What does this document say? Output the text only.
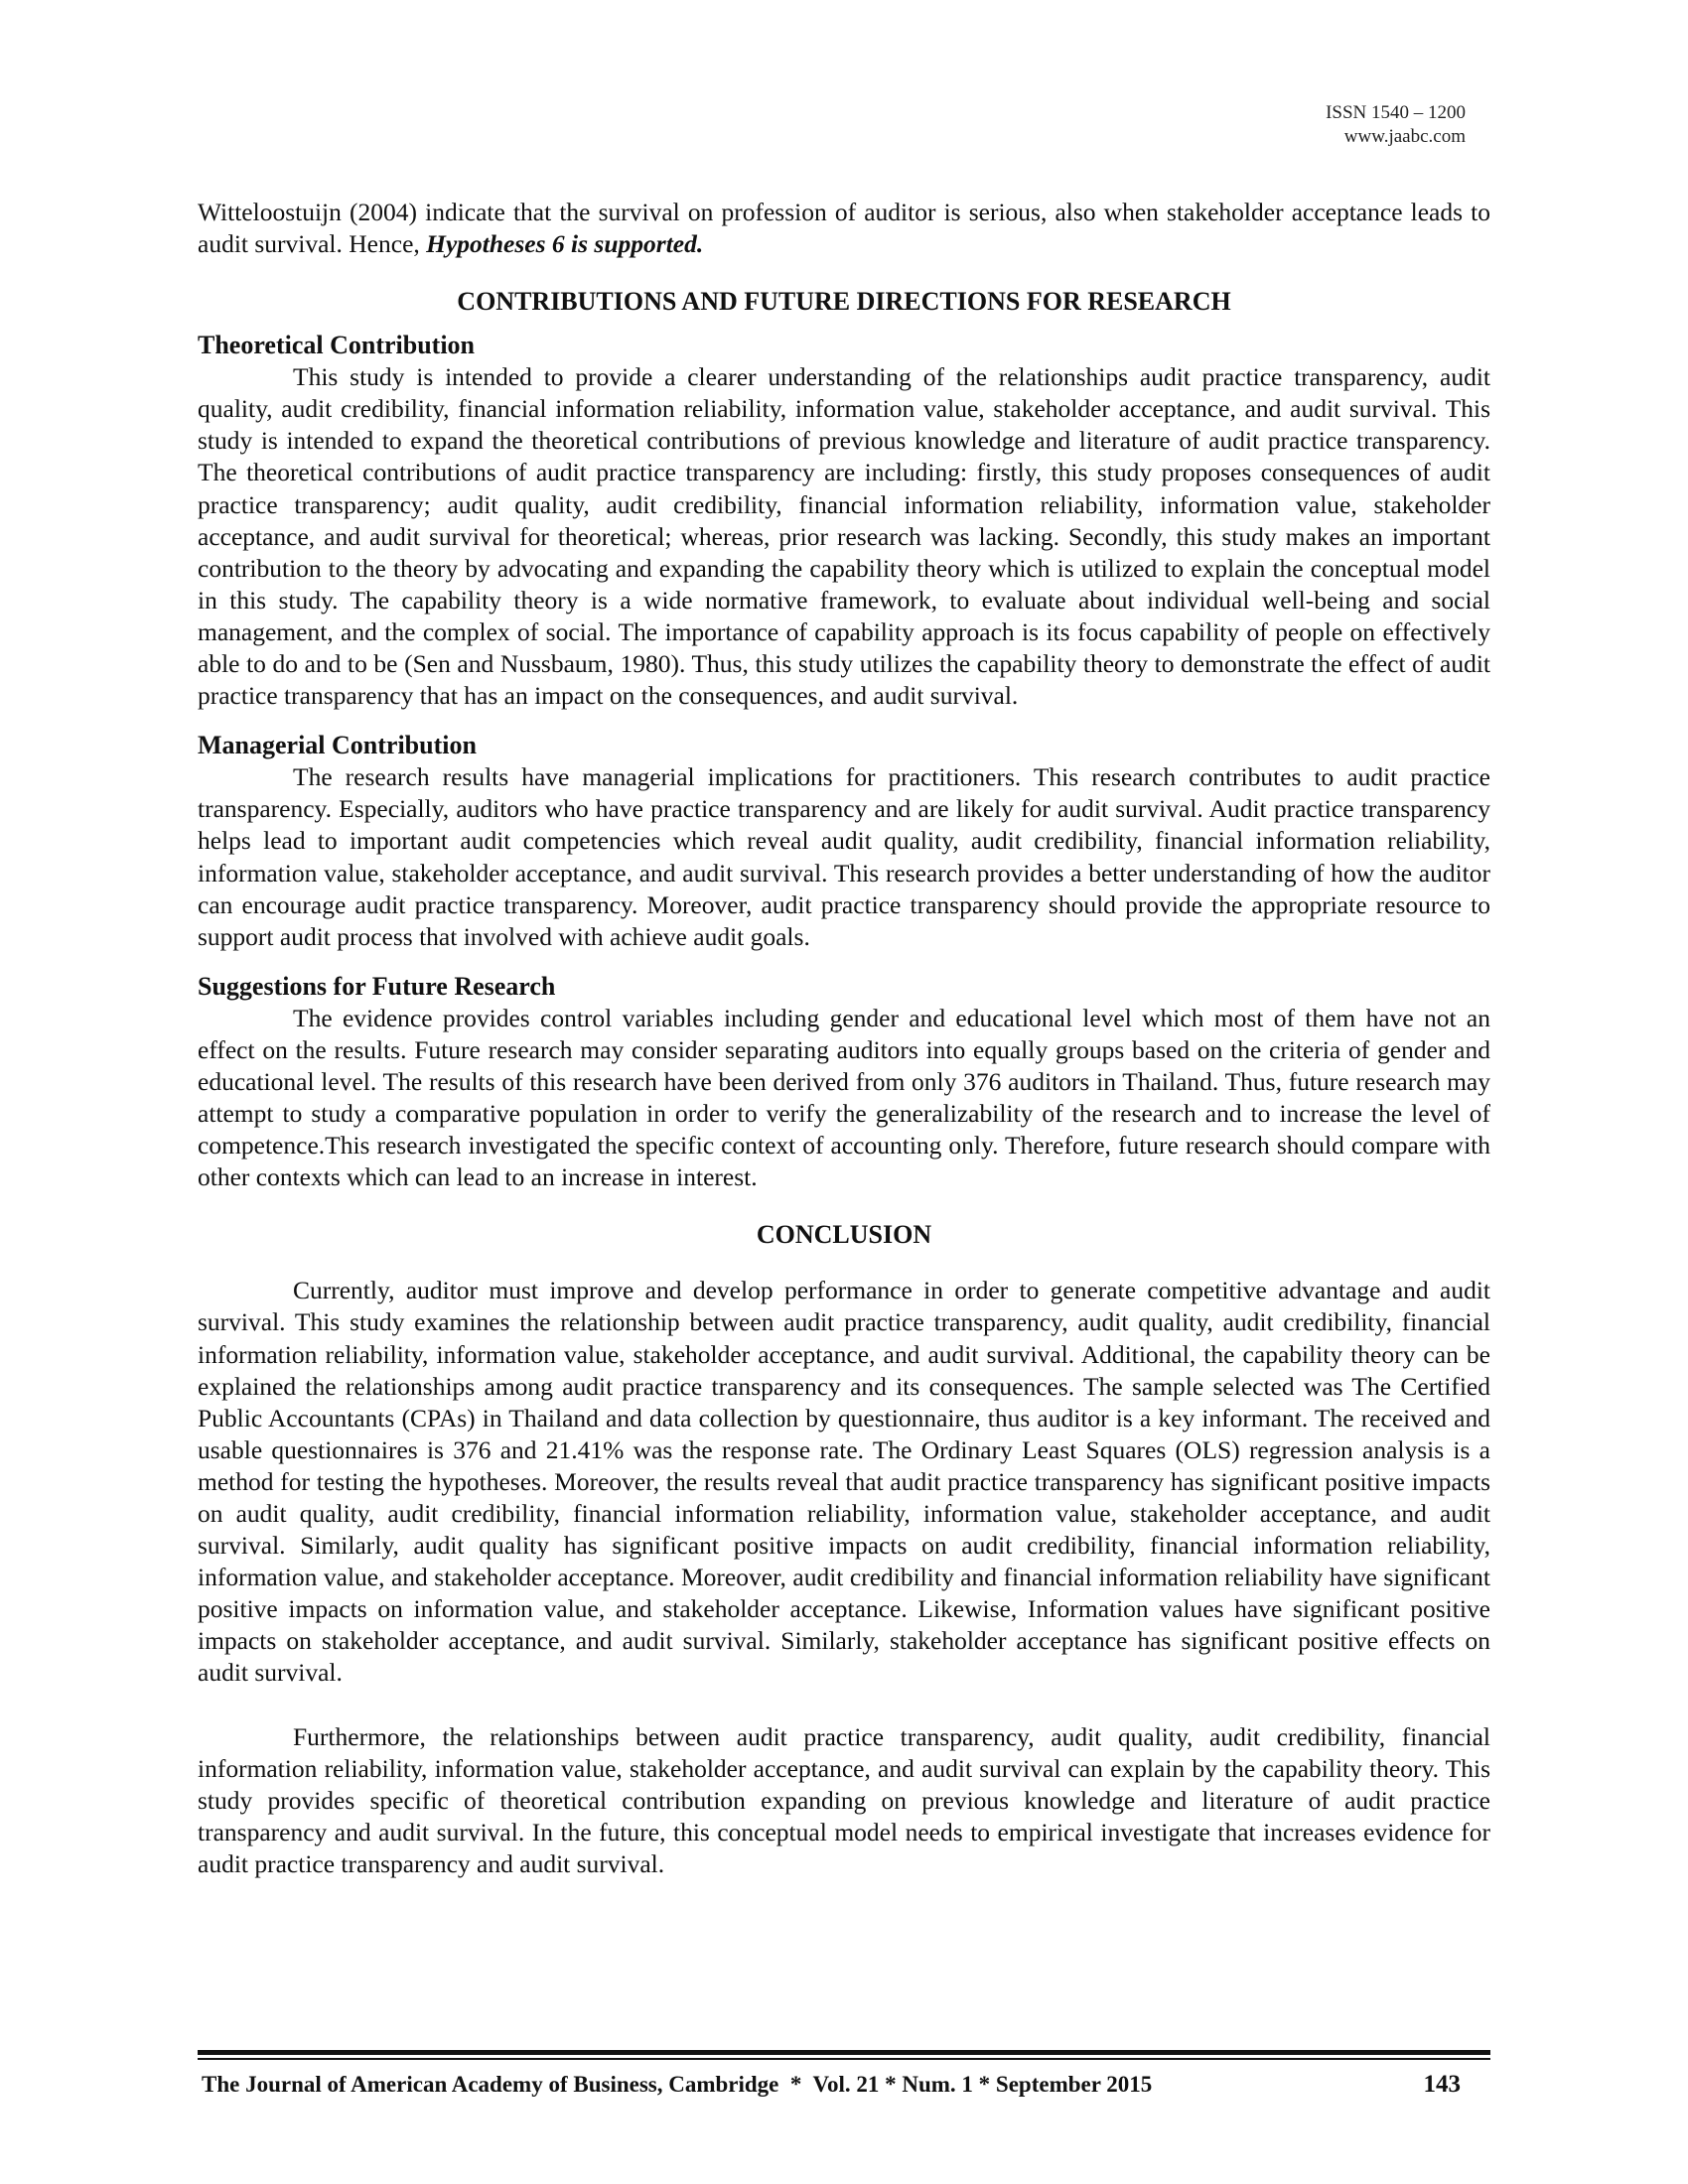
ISSN 1540 – 1200
www.jaabc.com

Witteloostuijn (2004) indicate that the survival on profession of auditor is serious, also when stakeholder acceptance leads to audit survival. Hence, Hypotheses 6 is supported.

CONTRIBUTIONS AND FUTURE DIRECTIONS FOR RESEARCH
Theoretical Contribution

This study is intended to provide a clearer understanding of the relationships audit practice transparency, audit quality, audit credibility, financial information reliability, information value, stakeholder acceptance, and audit survival. This study is intended to expand the theoretical contributions of previous knowledge and literature of audit practice transparency. The theoretical contributions of audit practice transparency are including: firstly, this study proposes consequences of audit practice transparency; audit quality, audit credibility, financial information reliability, information value, stakeholder acceptance, and audit survival for theoretical; whereas, prior research was lacking. Secondly, this study makes an important contribution to the theory by advocating and expanding the capability theory which is utilized to explain the conceptual model in this study. The capability theory is a wide normative framework, to evaluate about individual well-being and social management, and the complex of social. The importance of capability approach is its focus capability of people on effectively able to do and to be (Sen and Nussbaum, 1980). Thus, this study utilizes the capability theory to demonstrate the effect of audit practice transparency that has an impact on the consequences, and audit survival.

Managerial Contribution

The research results have managerial implications for practitioners. This research contributes to audit practice transparency. Especially, auditors who have practice transparency and are likely for audit survival. Audit practice transparency helps lead to important audit competencies which reveal audit quality, audit credibility, financial information reliability, information value, stakeholder acceptance, and audit survival. This research provides a better understanding of how the auditor can encourage audit practice transparency. Moreover, audit practice transparency should provide the appropriate resource to support audit process that involved with achieve audit goals.

Suggestions for Future Research

The evidence provides control variables including gender and educational level which most of them have not an effect on the results. Future research may consider separating auditors into equally groups based on the criteria of gender and educational level. The results of this research have been derived from only 376 auditors in Thailand. Thus, future research may attempt to study a comparative population in order to verify the generalizability of the research and to increase the level of competence.This research investigated the specific context of accounting only. Therefore, future research should compare with other contexts which can lead to an increase in interest.

CONCLUSION

Currently, auditor must improve and develop performance in order to generate competitive advantage and audit survival. This study examines the relationship between audit practice transparency, audit quality, audit credibility, financial information reliability, information value, stakeholder acceptance, and audit survival. Additional, the capability theory can be explained the relationships among audit practice transparency and its consequences. The sample selected was The Certified Public Accountants (CPAs) in Thailand and data collection by questionnaire, thus auditor is a key informant. The received and usable questionnaires is 376 and 21.41% was the response rate. The Ordinary Least Squares (OLS) regression analysis is a method for testing the hypotheses. Moreover, the results reveal that audit practice transparency has significant positive impacts on audit quality, audit credibility, financial information reliability, information value, stakeholder acceptance, and audit survival. Similarly, audit quality has significant positive impacts on audit credibility, financial information reliability, information value, and stakeholder acceptance. Moreover, audit credibility and financial information reliability have significant positive impacts on information value, and stakeholder acceptance. Likewise, Information values have significant positive impacts on stakeholder acceptance, and audit survival. Similarly, stakeholder acceptance has significant positive effects on audit survival.

Furthermore, the relationships between audit practice transparency, audit quality, audit credibility, financial information reliability, information value, stakeholder acceptance, and audit survival can explain by the capability theory. This study provides specific of theoretical contribution expanding on previous knowledge and literature of audit practice transparency and audit survival. In the future, this conceptual model needs to empirical investigate that increases evidence for audit practice transparency and audit survival.

The Journal of American Academy of Business, Cambridge  *  Vol. 21 * Num. 1 * September 2015	143
